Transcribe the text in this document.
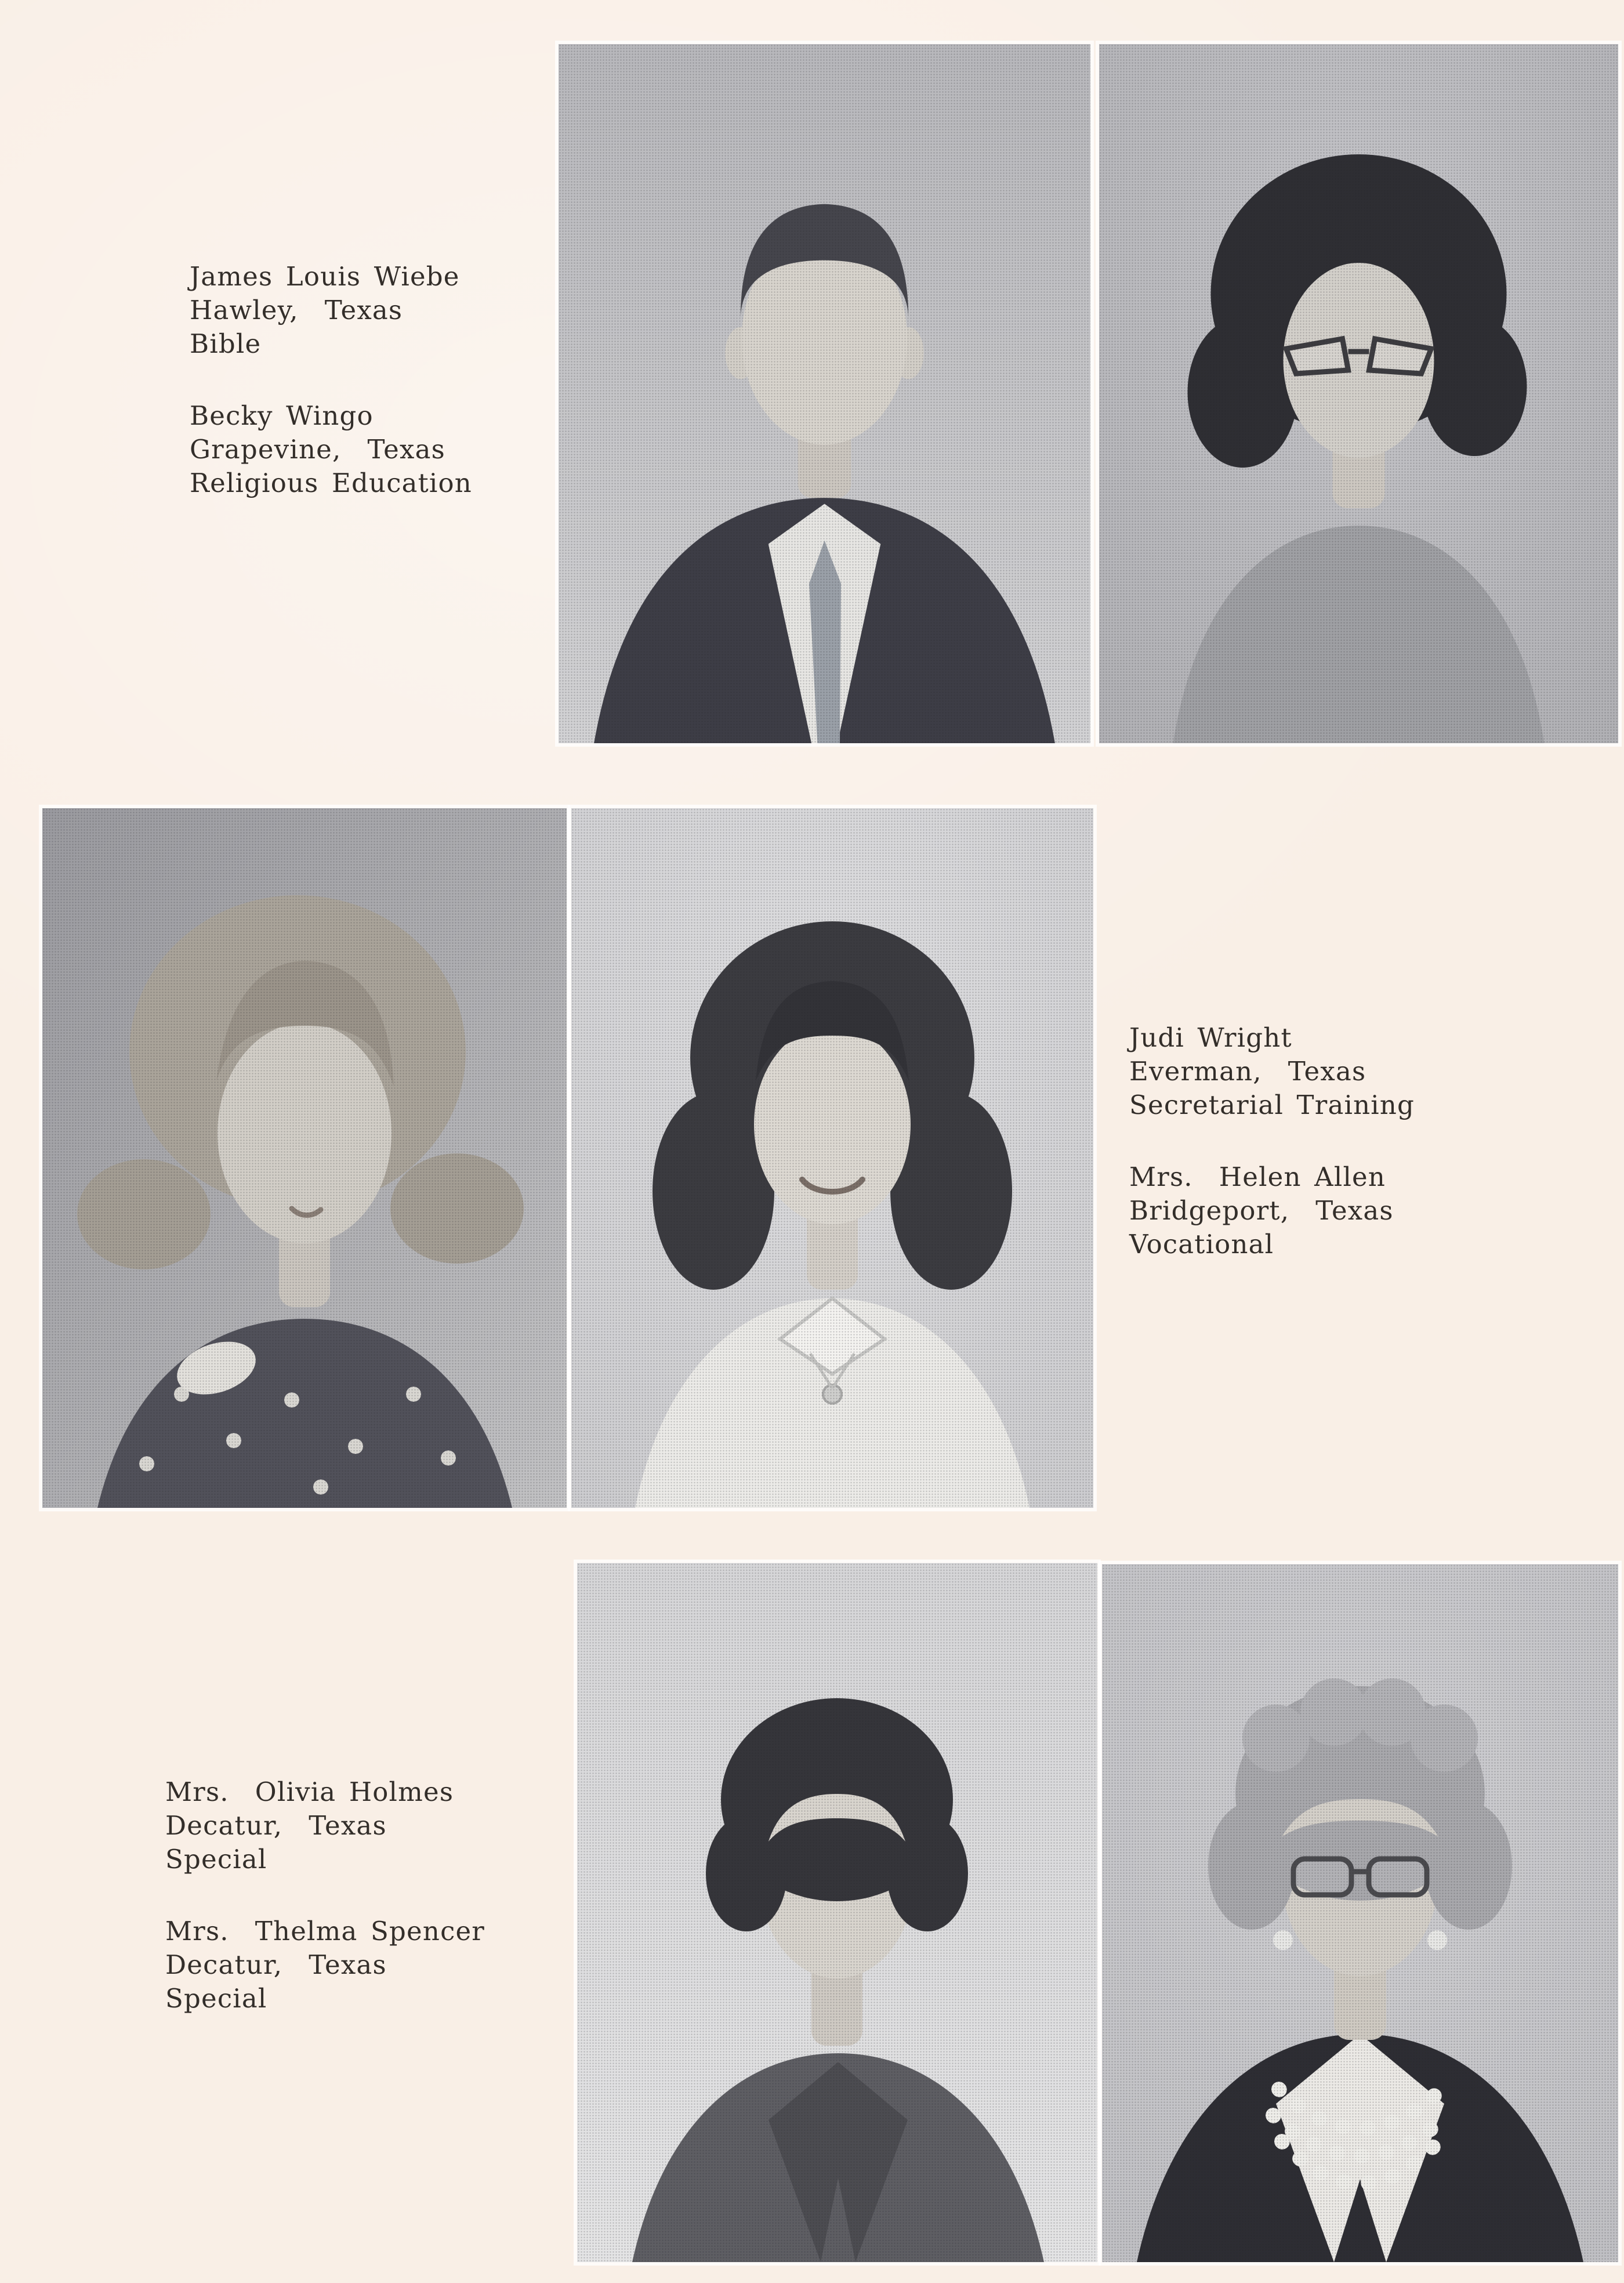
James Louis Wiebe
Hawley,  Texas
Bible

Becky Wingo
Grapevine,  Texas
Religious Education

Judi Wright
Everman,  Texas
Secretarial Training

Mrs.  Helen Allen
Bridgeport,  Texas
Vocational

Mrs.  Olivia Holmes
Decatur,  Texas
Special

Mrs.  Thelma Spencer
Decatur,  Texas
Special
